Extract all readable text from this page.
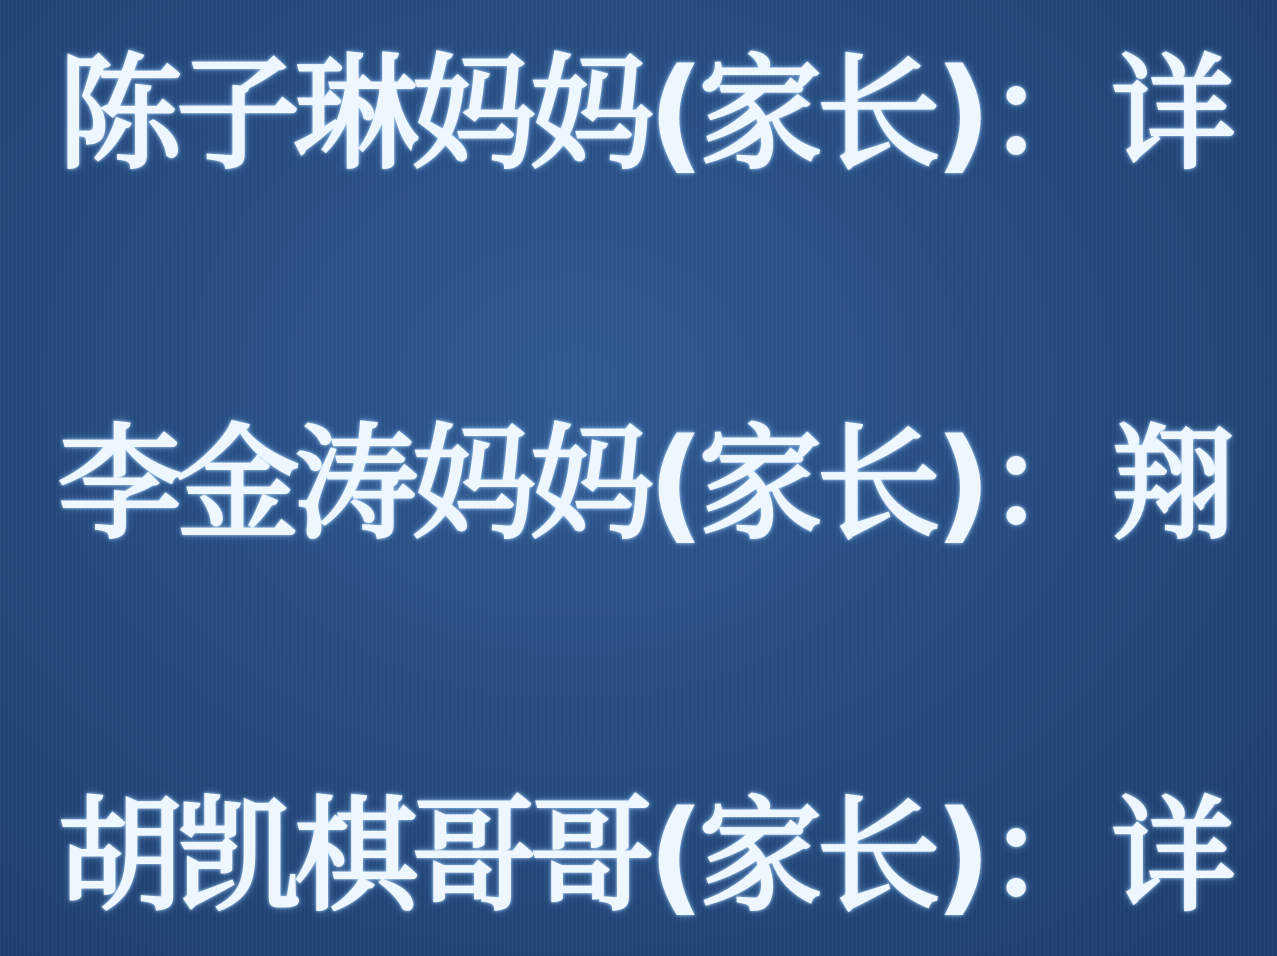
陈子琳妈妈(家长) ： 详
李金涛妈妈(家长) ： 翔
胡凯棋哥哥(家长) ： 详
